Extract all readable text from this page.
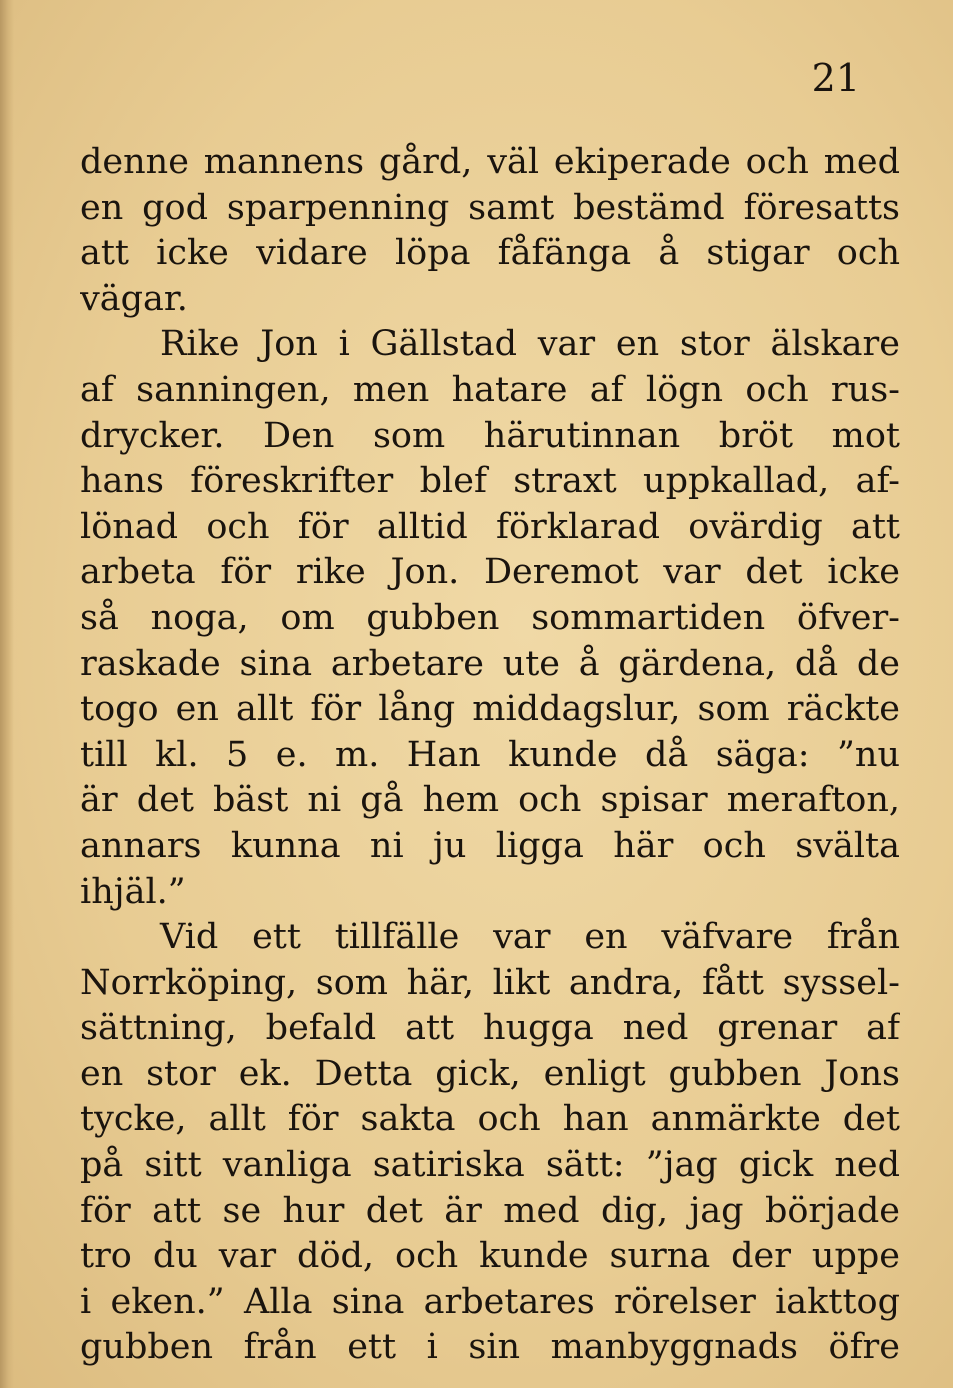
21
denne mannens gård, väl ekiperade och med
en god sparpenning samt bestämd föresatts
att icke vidare löpa fåfänga å stigar och
vägar.
Rike Jon i Gällstad var en stor älskare
af sanningen, men hatare af lögn och rus-
drycker. Den som härutinnan bröt mot
hans föreskrifter blef straxt uppkallad, af-
lönad och för alltid förklarad ovärdig att
arbeta för rike Jon. Deremot var det icke
så noga, om gubben sommartiden öfver-
raskade sina arbetare ute å gärdena, då de
togo en allt för lång middagslur, som räckte
till kl. 5 e. m. Han kunde då säga: ”nu
är det bäst ni gå hem och spisar merafton,
annars kunna ni ju ligga här och svälta
ihjäl.”
Vid ett tillfälle var en väfvare från
Norrköping, som här, likt andra, fått syssel-
sättning, befald att hugga ned grenar af
en stor ek. Detta gick, enligt gubben Jons
tycke, allt för sakta och han anmärkte det
på sitt vanliga satiriska sätt: ”jag gick ned
för att se hur det är med dig, jag började
tro du var död, och kunde surna der uppe
i eken.” Alla sina arbetares rörelser iakttog
gubben från ett i sin manbyggnads öfre
